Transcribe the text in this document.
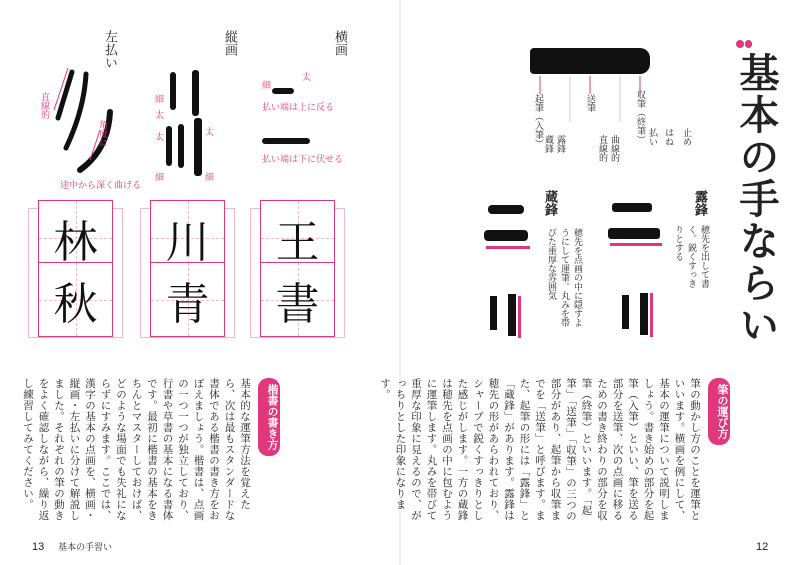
横画
縦画
左払い
払い端は上に反る
払い端は下に伏せる
太
細
細
太
太
細
太
細
直線的
角度に
途中から深く曲げる
王
書
川
青
林
秋
楷書の書き方
基本的な運筆方法を覚えたら、次は最もスタンダードな書体である楷書の書き方をおぼえましょう。楷書は、点画の一つ一つが独立しており、行書や草書の基本になる書体です。最初に楷書の基本をきちんとマスターしておけば、どのような場面でも失礼にならずにすみます。ここでは、漢字の基本の点画を、横画・縦画・左払いに分けて解説しました。それぞれの筆の動きをよく確認しながら、繰り返し練習してみてください。
13 基本の手習い
基本の手ならい
起筆（入筆）	送筆	収筆（終筆）
蔵鋒 露鋒	直線的 曲線的	止め
はね
払い
露鋒
穂先を出して書く。鋭くすっきりとする
蔵鋒
穂先を点画の中に隠すようにして運筆。丸みを帯びた重厚な雰囲気
筆の運び方
筆の動かし方のことを運筆といいます。横画を例にして、基本の運筆について説明しましょう。書き始めの部分を起筆（入筆）といい、筆を送る部分を送筆、次の点画に移るための書き終わりの部分を収筆（終筆）といいます。「起筆」「送筆」「収筆」の三つの部分があり、起筆から収筆までを「送筆」と呼びます。また、起筆の形には「露鋒」と「蔵鋒」があります。露鋒は穂先の形があらわれており、シャープで鋭くすっきりとした感じがします。一方の蔵鋒は穂先を点画の中に包むように運筆します。丸みを帯びて重厚な印象に見えるので、がっちりとした印象になります。
12
